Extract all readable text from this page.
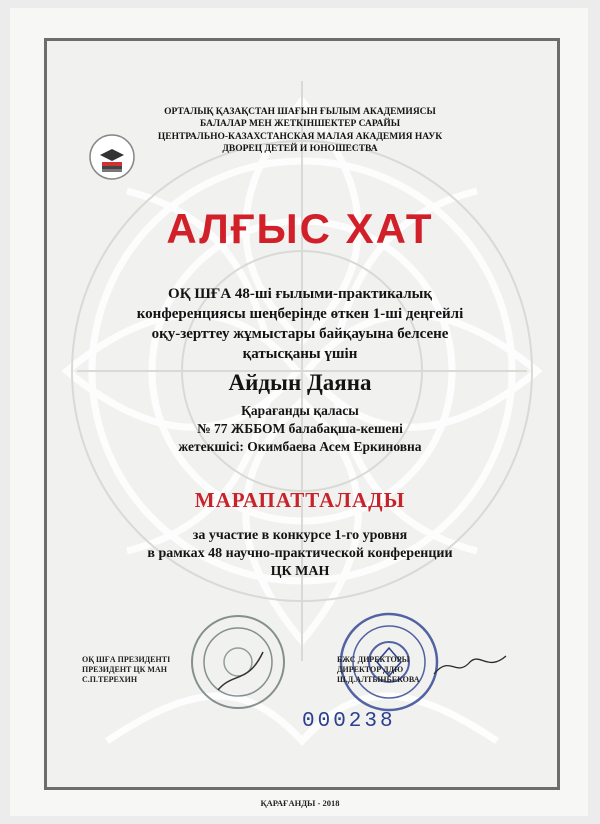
ОРТАЛЫҚ ҚАЗАҚСТАН ШАҒЫН ҒЫЛЫМ АКАДЕМИЯСЫ
БАЛАЛАР МЕН ЖЕТКІНШЕКТЕР САРАЙЫ
ЦЕНТРАЛЬНО-КАЗАХСТАНСКАЯ МАЛАЯ АКАДЕМИЯ НАУК
ДВОРЕЦ ДЕТЕЙ И ЮНОШЕСТВА
АЛҒЫС ХАТ
ОҚ ШҒА 48-ші ғылыми-практикалық
конференциясы шеңберінде өткен 1-ші деңгейлі
оқу-зерттеу жұмыстары байқауына белсене
қатысқаны үшін
Айдын Даяна
Қарағанды қаласы
№ 77 ЖББОМ балабақша-кешені
жетекшісі: Окимбаева Асем Еркиновна
МАРАПАТТАЛАДЫ
за участие в конкурсе 1-го уровня
в рамках 48 научно-практической конференции
ЦК МАН
ОҚ ШҒА ПРЕЗИДЕНТІ
ПРЕЗИДЕНТ ЦК МАН
С.П.ТЕРЕХИН
БЖС ДИРЕКТОРЫ
ДИРЕКТОР ДДЮ
Ш.Д.АЛТЫНБЕКОВА
000238
ҚАРАҒАНДЫ - 2018
